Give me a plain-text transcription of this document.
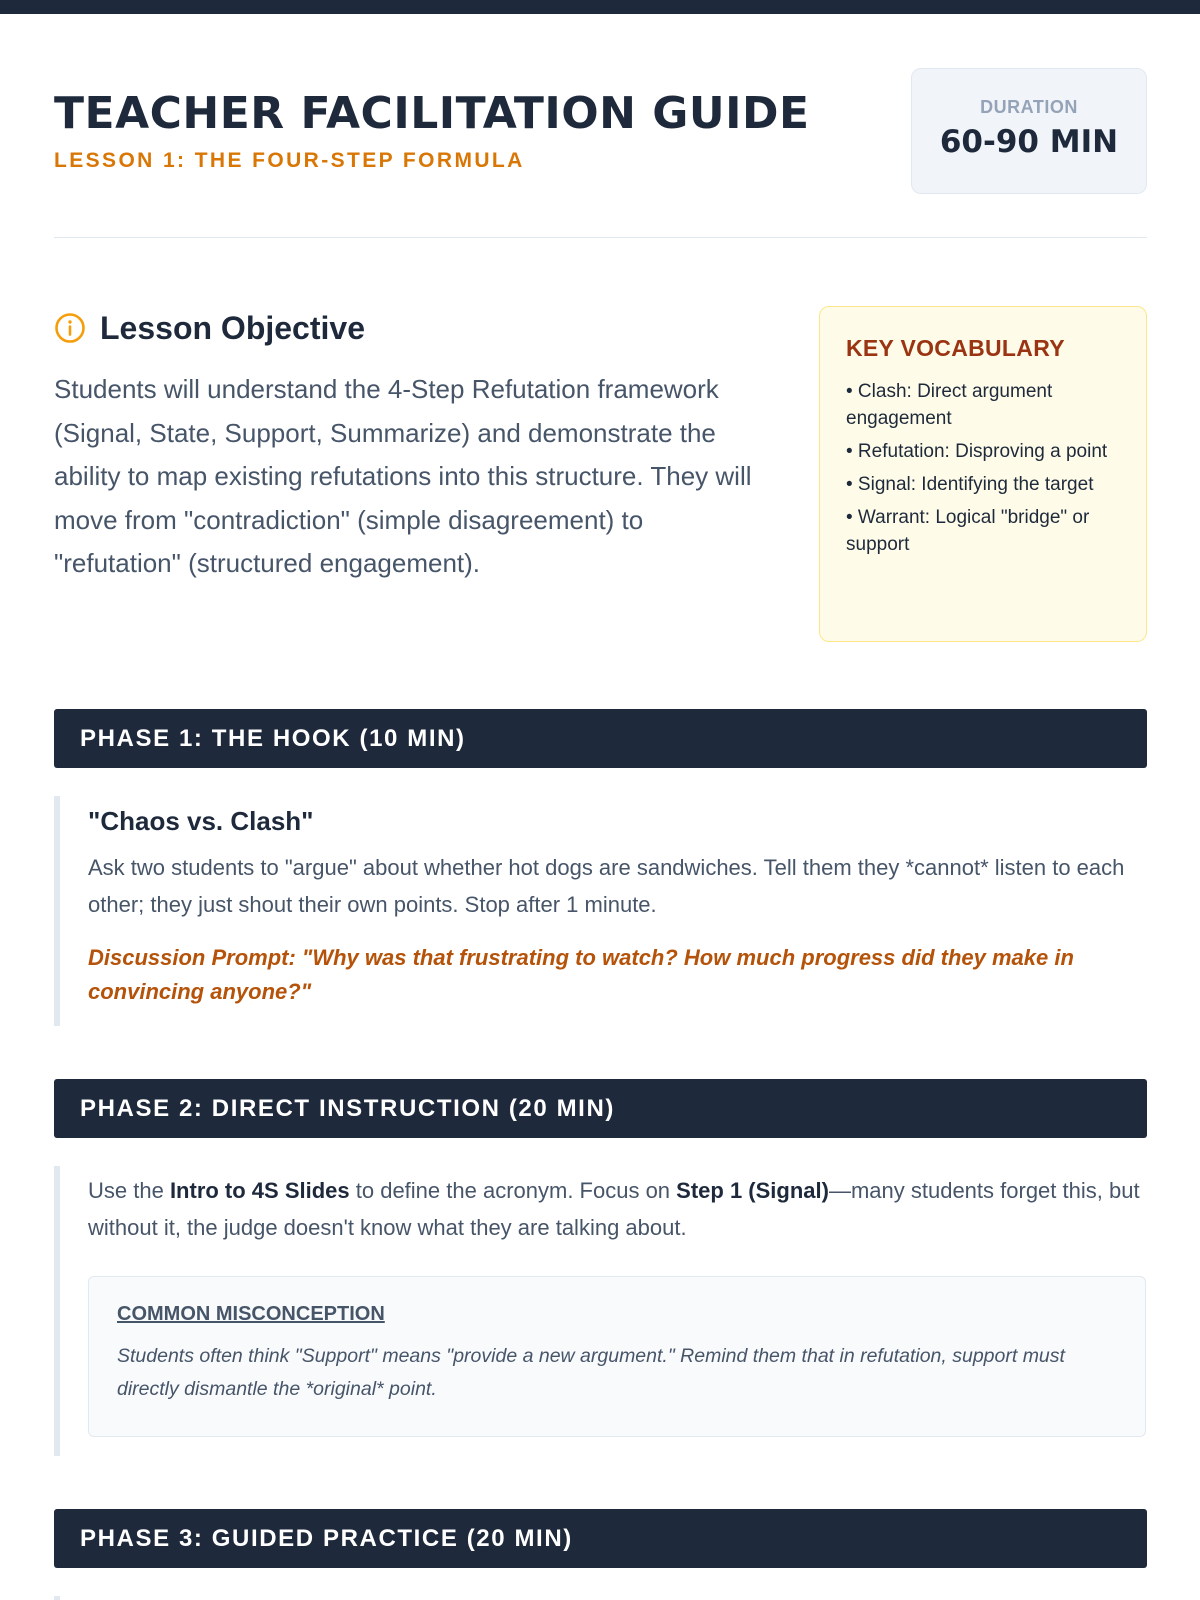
TEACHER FACILITATION GUIDE
LESSON 1: THE FOUR-STEP FORMULA
DURATION
60-90 MIN
Lesson Objective
Students will understand the 4-Step Refutation framework (Signal, State, Support, Summarize) and demonstrate the ability to map existing refutations into this structure. They will move from "contradiction" (simple disagreement) to "refutation" (structured engagement).
KEY VOCABULARY
• Clash: Direct argument engagement
• Refutation: Disproving a point
• Signal: Identifying the target
• Warrant: Logical "bridge" or support
PHASE 1: THE HOOK (10 MIN)
"Chaos vs. Clash"
Ask two students to "argue" about whether hot dogs are sandwiches. Tell them they *cannot* listen to each other; they just shout their own points. Stop after 1 minute.
Discussion Prompt: "Why was that frustrating to watch? How much progress did they make in convincing anyone?"
PHASE 2: DIRECT INSTRUCTION (20 MIN)
Use the Intro to 4S Slides to define the acronym. Focus on Step 1 (Signal)—many students forget this, but without it, the judge doesn't know what they are talking about.
COMMON MISCONCEPTION
Students often think "Support" means "provide a new argument." Remind them that in refutation, support must directly dismantle the *original* point.
PHASE 3: GUIDED PRACTICE (20 MIN)
